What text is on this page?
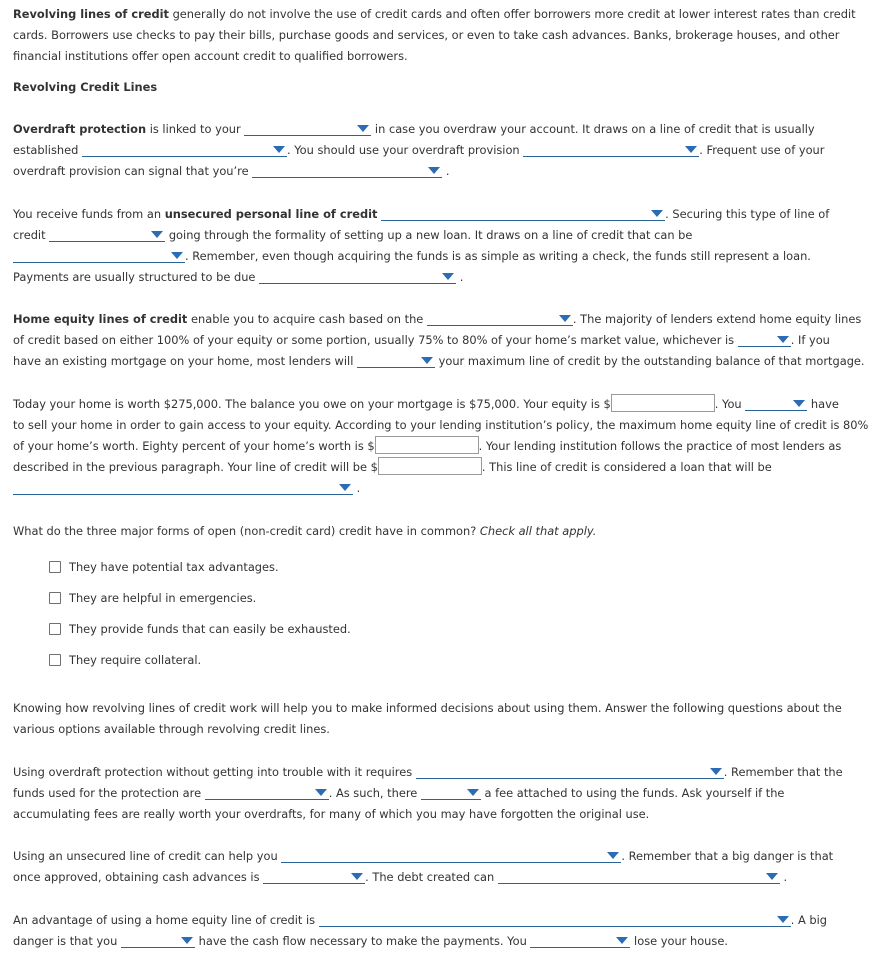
Revolving lines of credit generally do not involve the use of credit cards and often offer borrowers more credit at lower interest rates than credit
cards. Borrowers use checks to pay their bills, purchase goods and services, or even to take cash advances. Banks, brokerage houses, and other
financial institutions offer open account credit to qualified borrowers.
Revolving Credit Lines
Overdraft protection is linked to your	in case you overdraw your account. It draws on a line of credit that is usually
established	. You should use your overdraft provision	. Frequent use of your
overdraft provision can signal that you’re	.
You receive funds from an unsecured personal line of credit	. Securing this type of line of
credit	going through the formality of setting up a new loan. It draws on a line of credit that can be
. Remember, even though acquiring the funds is as simple as writing a check, the funds still represent a loan.
Payments are usually structured to be due	.
Home equity lines of credit enable you to acquire cash based on the	. The majority of lenders extend home equity lines
of credit based on either 100% of your equity or some portion, usually 75% to 80% of your home’s market value, whichever is	. If you
have an existing mortgage on your home, most lenders will	your maximum line of credit by the outstanding balance of that mortgage.
Today your home is worth $275,000. The balance you owe on your mortgage is $75,000. Your equity is $	. You	have
to sell your home in order to gain access to your equity. According to your lending institution’s policy, the maximum home equity line of credit is 80%
of your home’s worth. Eighty percent of your home’s worth is $	. Your lending institution follows the practice of most lenders as
described in the previous paragraph. Your line of credit will be $	. This line of credit is considered a loan that will be
.
What do the three major forms of open (non-credit card) credit have in common? Check all that apply.
They have potential tax advantages.
They are helpful in emergencies.
They provide funds that can easily be exhausted.
They require collateral.
Knowing how revolving lines of credit work will help you to make informed decisions about using them. Answer the following questions about the
various options available through revolving credit lines.
Using overdraft protection without getting into trouble with it requires	. Remember that the
funds used for the protection are	. As such, there	a fee attached to using the funds. Ask yourself if the
accumulating fees are really worth your overdrafts, for many of which you may have forgotten the original use.
Using an unsecured line of credit can help you	. Remember that a big danger is that
once approved, obtaining cash advances is	. The debt created can	.
An advantage of using a home equity line of credit is	. A big
danger is that you	have the cash flow necessary to make the payments. You	lose your house.
